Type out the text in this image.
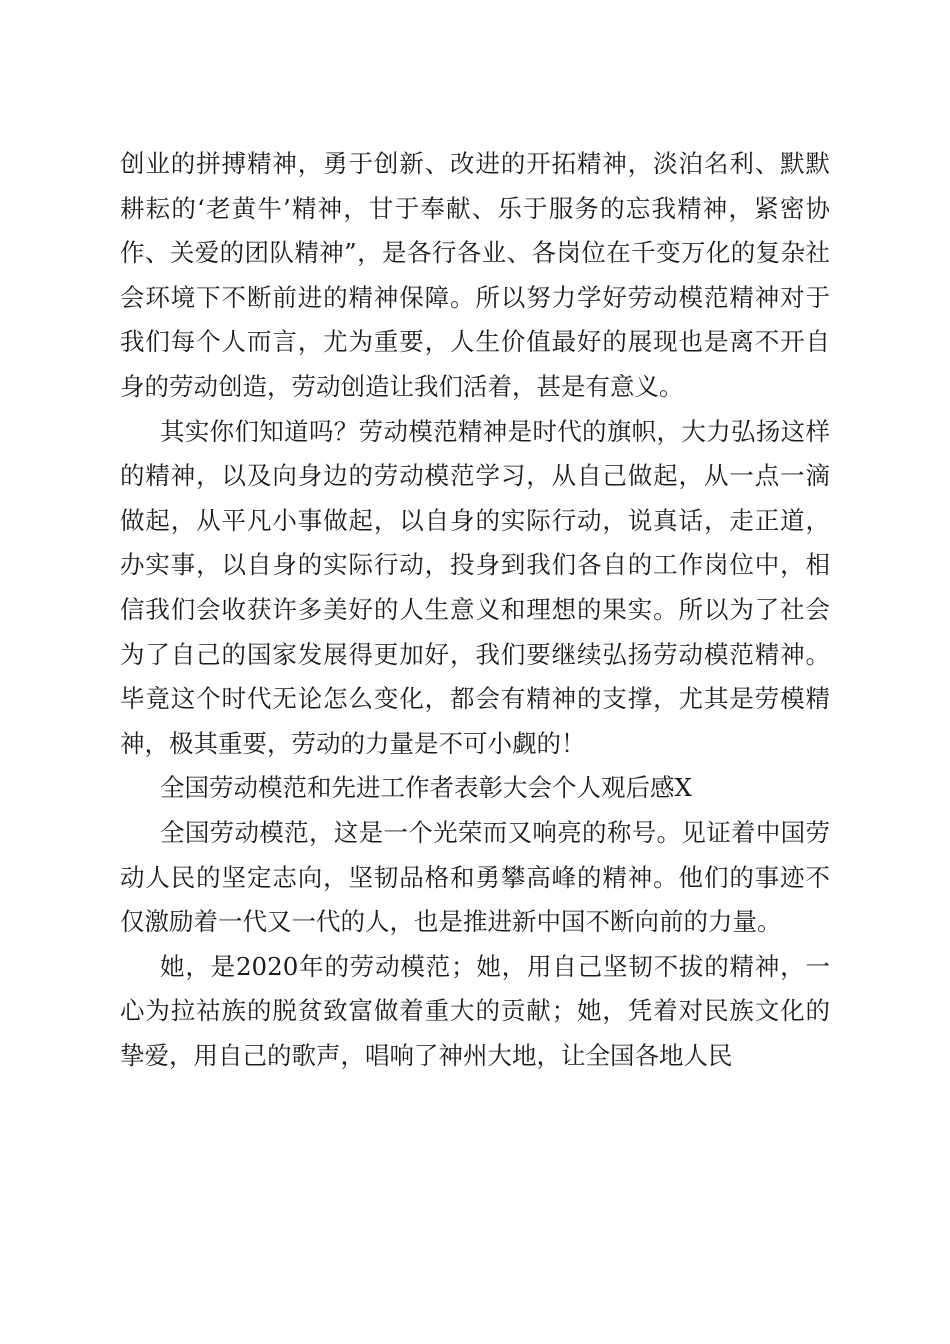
创业的拼搏精神，勇于创新、改进的开拓精神，淡泊名利、默默耕耘的‘老黄牛’精神，甘于奉献、乐于服务的忘我精神，紧密协作、关爱的团队精神”，是各行各业、各岗位在千变万化的复杂社会环境下不断前进的精神保障。所以努力学好劳动模范精神对于我们每个人而言，尤为重要，人生价值最好的展现也是离不开自身的劳动创造，劳动创造让我们活着，甚是有意义。

其实你们知道吗？劳动模范精神是时代的旗帜，大力弘扬这样的精神，以及向身边的劳动模范学习，从自己做起，从一点一滴做起，从平凡小事做起，以自身的实际行动，说真话，走正道，办实事，以自身的实际行动，投身到我们各自的工作岗位中，相信我们会收获许多美好的人生意义和理想的果实。所以为了社会为了自己的国家发展得更加好，我们要继续弘扬劳动模范精神。毕竟这个时代无论怎么变化，都会有精神的支撑，尤其是劳模精神，极其重要，劳动的力量是不可小觑的！

全国劳动模范和先进工作者表彰大会个人观后感X

全国劳动模范，这是一个光荣而又响亮的称号。见证着中国劳动人民的坚定志向，坚韧品格和勇攀高峰的精神。他们的事迹不仅激励着一代又一代的人，也是推进新中国不断向前的力量。

她，是2020年的劳动模范；她，用自己坚韧不拔的精神，一心为拉祜族的脱贫致富做着重大的贡献；她，凭着对民族文化的挚爱，用自己的歌声，唱响了神州大地，让全国各地人民
